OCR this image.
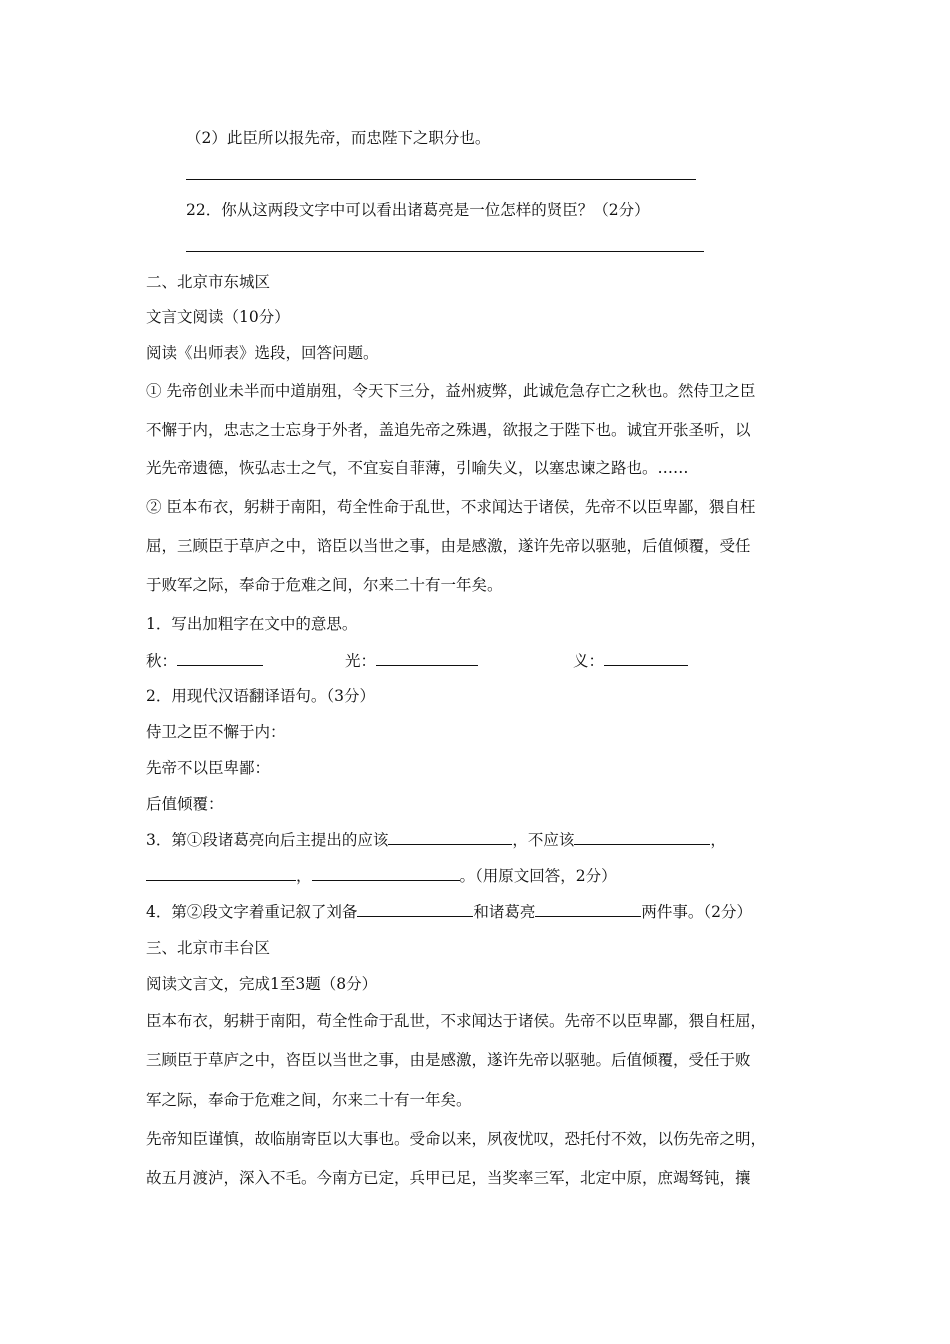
（2）此臣所以报先帝，而忠陛下之职分也。
22．你从这两段文字中可以看出诸葛亮是一位怎样的贤臣？（2分）
二、北京市东城区
文言文阅读（10分）
阅读《出师表》选段，回答问题。
① 先帝创业未半而中道崩殂，令天下三分，益州疲弊，此诚危急存亡之秋也。然侍卫之臣
不懈于内，忠志之士忘身于外者，盖追先帝之殊遇，欲报之于陛下也。诚宜开张圣听，以
光先帝遗德，恢弘志士之气，不宜妄自菲薄，引喻失义，以塞忠谏之路也。……
② 臣本布衣，躬耕于南阳，苟全性命于乱世，不求闻达于诸侯，先帝不以臣卑鄙，猥自枉
屈，三顾臣于草庐之中，谘臣以当世之事，由是感激，遂许先帝以驱驰，后值倾覆，受任
于败军之际，奉命于危难之间，尔来二十有一年矣。
1．写出加粗字在文中的意思。
秋：	光：	义：
2．用现代汉语翻译语句。（3分）
侍卫之臣不懈于内：
先帝不以臣卑鄙：
后值倾覆：
3．第①段诸葛亮向后主提出的应该	，不应该	，
，	。（用原文回答，2分）
4．第②段文字着重记叙了刘备	和诸葛亮	两件事。（2分）
三、北京市丰台区
阅读文言文，完成1至3题（8分）
臣本布衣，躬耕于南阳，苟全性命于乱世，不求闻达于诸侯。先帝不以臣卑鄙，猥自枉屈，
三顾臣于草庐之中，咨臣以当世之事，由是感激，遂许先帝以驱驰。后值倾覆，受任于败
军之际，奉命于危难之间，尔来二十有一年矣。
先帝知臣谨慎，故临崩寄臣以大事也。受命以来，夙夜忧叹，恐托付不效，以伤先帝之明，
故五月渡泸，深入不毛。今南方已定，兵甲已足，当奖率三军，北定中原，庶竭驽钝，攘
